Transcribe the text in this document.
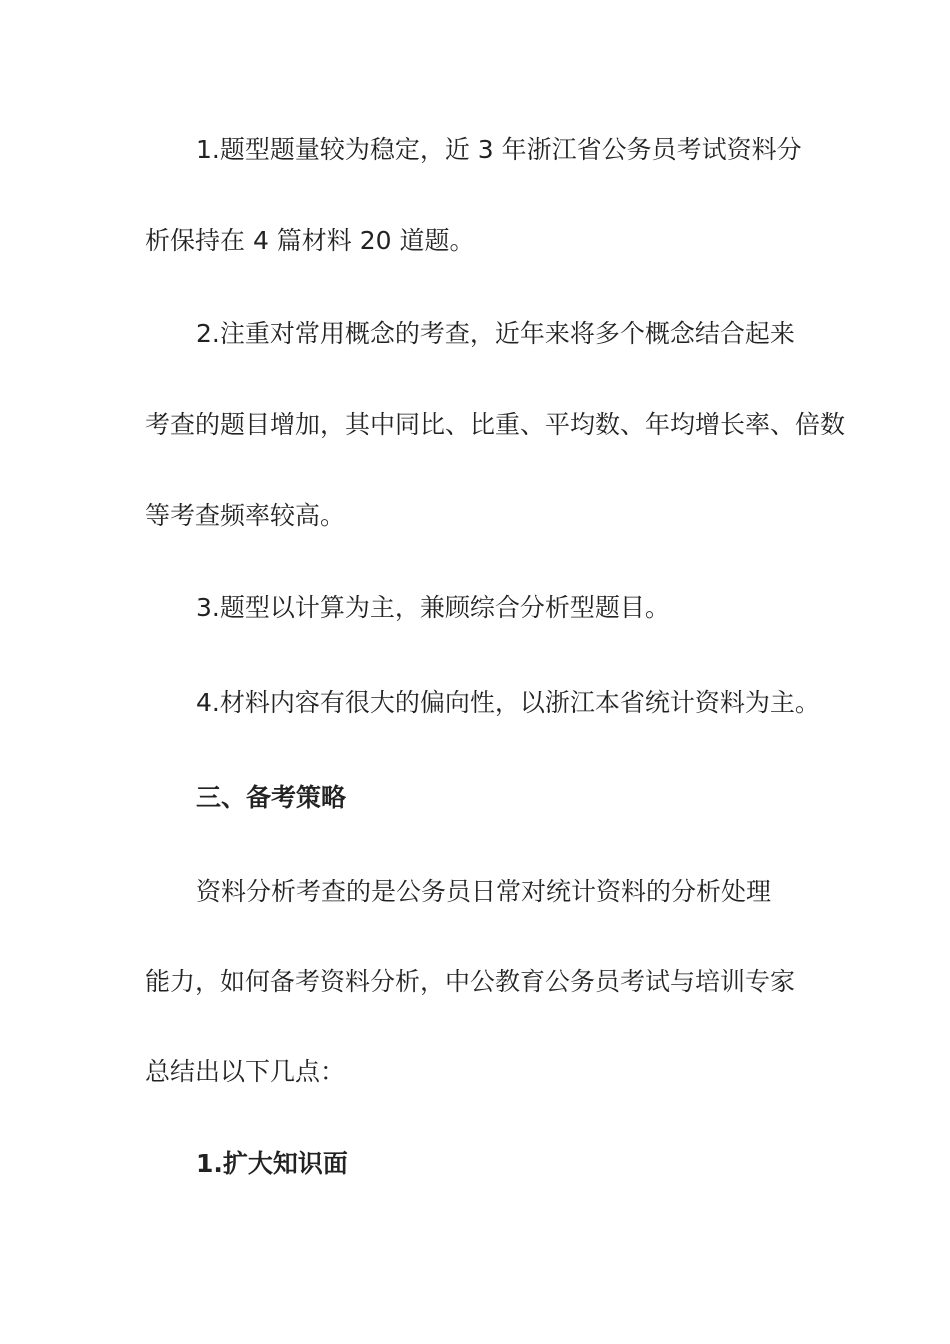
1.题型题量较为稳定，近 3 年浙江省公务员考试资料分
析保持在 4 篇材料 20 道题。
2.注重对常用概念的考查，近年来将多个概念结合起来
考查的题目增加，其中同比、比重、平均数、年均增长率、倍数
等考查频率较高。
3.题型以计算为主，兼顾综合分析型题目。
4.材料内容有很大的偏向性，以浙江本省统计资料为主。
三、备考策略
资料分析考查的是公务员日常对统计资料的分析处理
能力，如何备考资料分析，中公教育公务员考试与培训专家
总结出以下几点：
1.扩大知识面
